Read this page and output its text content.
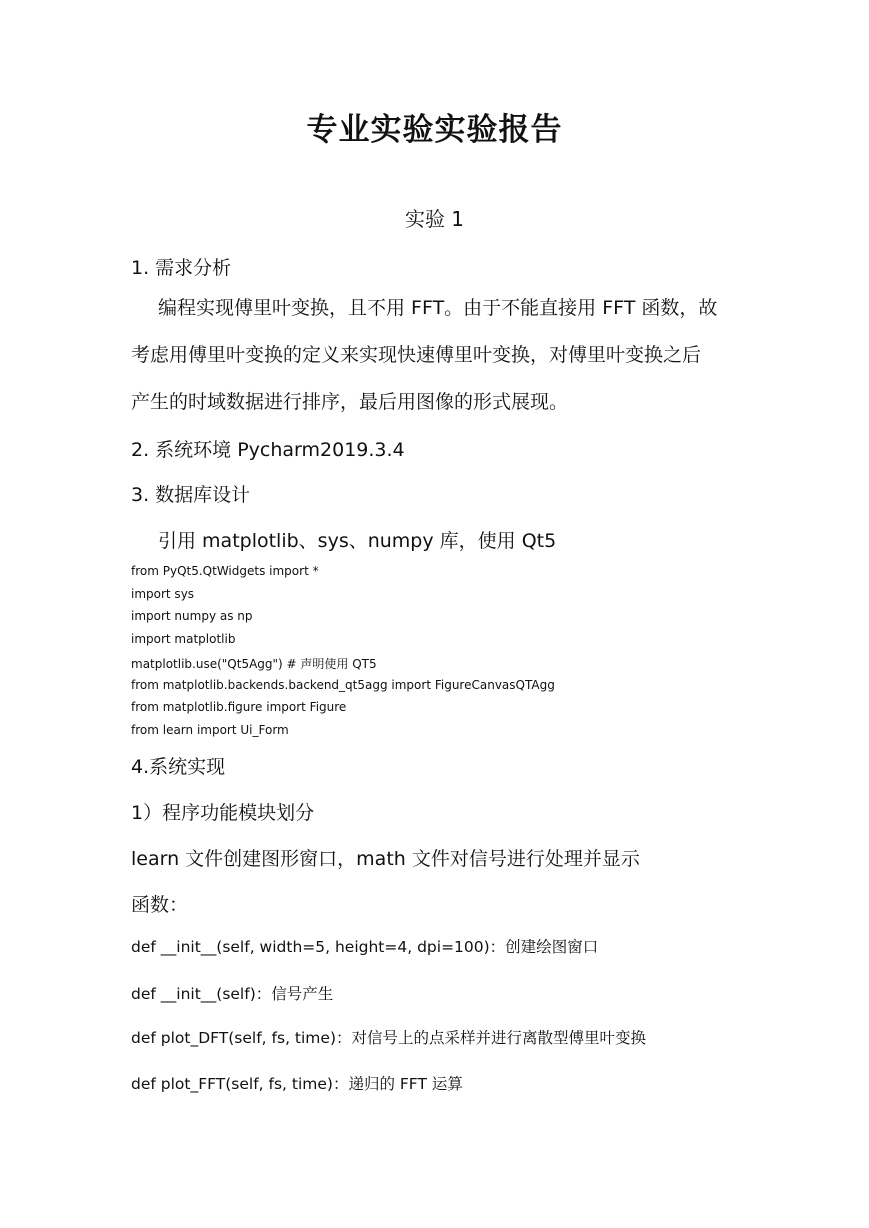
专业实验实验报告
实验 1
1. 需求分析
编程实现傅里叶变换，且不用 FFT。由于不能直接用 FFT 函数，故
考虑用傅里叶变换的定义来实现快速傅里叶变换，对傅里叶变换之后
产生的时域数据进行排序，最后用图像的形式展现。
2. 系统环境 Pycharm2019.3.4
3. 数据库设计
引用 matplotlib、sys、numpy 库，使用 Qt5
from PyQt5.QtWidgets import *
import sys
import numpy as np
import matplotlib
matplotlib.use("Qt5Agg") # 声明使用 QT5
from matplotlib.backends.backend_qt5agg import FigureCanvasQTAgg
from matplotlib.figure import Figure
from learn import Ui_Form
4.系统实现
1）程序功能模块划分
learn 文件创建图形窗口，math 文件对信号进行处理并显示
函数：
def __init__(self, width=5, height=4, dpi=100)：创建绘图窗口
def __init__(self)：信号产生
def plot_DFT(self, fs, time)：对信号上的点采样并进行离散型傅里叶变换
def plot_FFT(self, fs, time)：递归的 FFT 运算
